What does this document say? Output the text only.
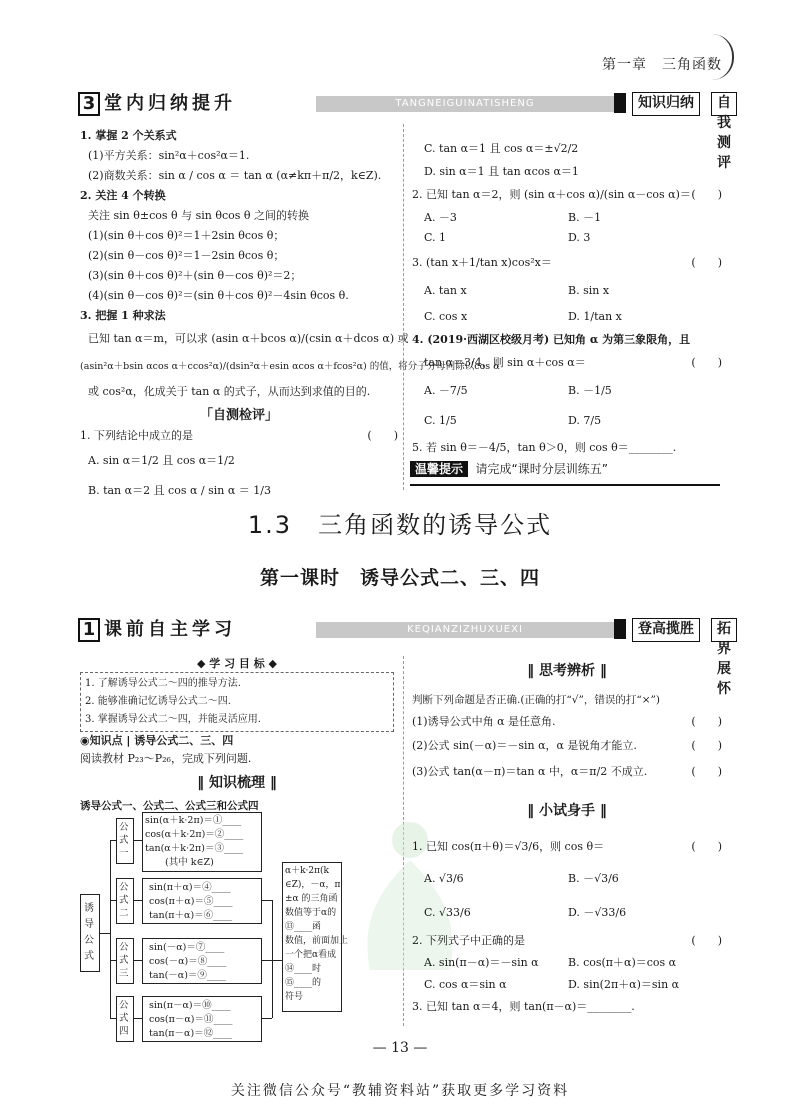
第一章　三角函数
3 堂内归纳提升	TANGNEIGUINATISHENG	知识归纳	自我测评
1. 掌握 2 个关系式
(1)平方关系：sin²α＋cos²α＝1.
(2)商数关系：sin α / cos α ＝ tan α (α≠kπ＋π/2，k∈Z).
2. 关注 4 个转换
关注 sin θ±cos θ 与 sin θcos θ 之间的转换
(1)(sin θ＋cos θ)²＝1＋2sin θcos θ；
(2)(sin θ－cos θ)²＝1－2sin θcos θ；
(3)(sin θ＋cos θ)²＋(sin θ－cos θ)²＝2；
(4)(sin θ－cos θ)²＝(sin θ＋cos θ)²－4sin θcos θ.
3. 把握 1 种求法
已知 tan α＝m，可以求 (asin α＋bcos α)/(csin α＋dcos α) 或
(asin²α＋bsin αcos α＋ccos²α)/(dsin²α＋esin αcos α＋fcos²α) 的值，将分子分母同除以cos α
或 cos²α，化成关于 tan α 的式子，从而达到求值的目的.
「自测检评」
1. 下列结论中成立的是	(　　)
A. sin α＝1/2 且 cos α＝1/2
B. tan α＝2 且 cos α / sin α ＝ 1/3
C. tan α＝1 且 cos α＝±√2/2
D. sin α＝1 且 tan αcos α＝1
2. 已知 tan α＝2，则 (sin α＋cos α)/(sin α－cos α)＝ (　　)
A. －3	B. －1
C. 1	D. 3
3. (tan x＋1/tan x)cos²x＝	(　　)
A. tan x	B. sin x
C. cos x	D. 1/tan x
4. (2019·西湖区校级月考) 已知角 α 为第三象限角，且
tan α＝3/4，则 sin α＋cos α＝	(　　)
A. －7/5	B. －1/5
C. 1/5	D. 7/5
5. 若 sin θ＝－4/5，tan θ＞0，则 cos θ＝________.
温馨提示 请完成“课时分层训练五”
1.3　三角函数的诱导公式
第一课时　诱导公式二、三、四
1 课前自主学习	KEQIANZIZHUXUEXI	登高揽胜	拓界展怀
◆ 学 习 目 标 ◆
1. 了解诱导公式二～四的推导方法.
2. 能够准确记忆诱导公式二～四.
3. 掌握诱导公式二～四，并能灵活应用.
◉知识点 | 诱导公式二、三、四
阅读教材 P₂₃～P₂₆，完成下列问题.
‖ 知识梳理 ‖
诱导公式一、公式二、公式三和公式四
诱导公式
公式一
sin(α＋k·2π)＝①____
cos(α＋k·2π)＝②____
tan(α＋k·2π)＝③____
(其中 k∈Z)
公式二
sin(π＋α)＝④____
cos(π＋α)＝⑤____
tan(π＋α)＝⑥____
公式三
sin(－α)＝⑦____
cos(－α)＝⑧____
tan(－α)＝⑨____
公式四
sin(π－α)＝⑩____
cos(π－α)＝⑪____
tan(π－α)＝⑫____
α＋k·2π(k
∈Z)，－α，π
±α 的三角函
数值等于α的
⑬____函
数值，前面加上
一个把α看成
⑭____时
⑮____的
符号
‖ 思考辨析 ‖
判断下列命题是否正确.(正确的打“√”，错误的打“×”)
(1)诱导公式中角 α 是任意角.	(　　)
(2)公式 sin(－α)＝－sin α，α 是锐角才能立.	(　　)
(3)公式 tan(α－π)＝tan α 中，α＝π/2 不成立.	(　　)
‖ 小试身手 ‖
1. 已知 cos(π＋θ)＝√3/6，则 cos θ＝	(　　)
A. √3/6	B. －√3/6
C. √33/6	D. －√33/6
2. 下列式子中正确的是	(　　)
A. sin(π－α)＝－sin α	B. cos(π＋α)＝cos α
C. cos α＝sin α	D. sin(2π＋α)＝sin α
3. 已知 tan α＝4，则 tan(π－α)＝________.
— 13 —
关注微信公众号“教辅资料站”获取更多学习资料
